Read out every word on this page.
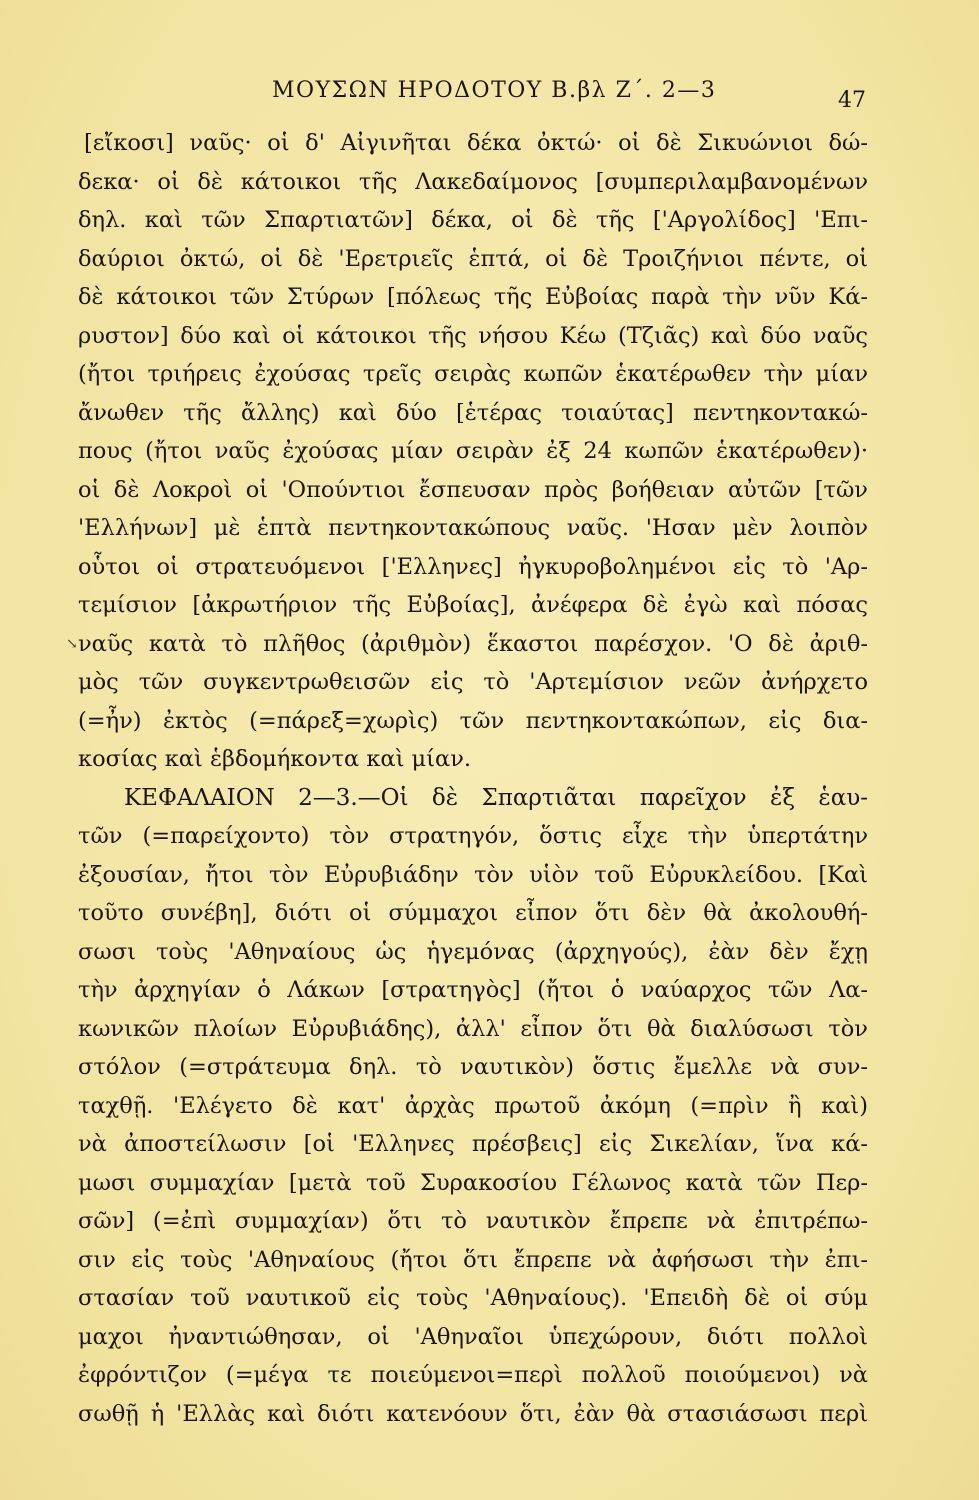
ΜΟΥΣΩΝ ΗΡΟΔΟΤΟΥ Β.βλ Ζ΄. 2—3	47
↘
[εἴκοσι] ναῦς· οἱ δ' Αἰγινῆται δέκα ὀκτώ· οἱ δὲ Σικυώνιοι δώ-
δεκα· οἱ δὲ κάτοικοι τῆς Λακεδαίμονος [συμπεριλαμβανομένων
δηλ. καὶ τῶν Σπαρτιατῶν] δέκα, οἱ δὲ τῆς ['Αργολίδος] 'Επι-
δαύριοι ὀκτώ, οἱ δὲ 'Ερετριεῖς ἑπτά, οἱ δὲ Τροιζήνιοι πέντε, οἱ
δὲ κάτοικοι τῶν Στύρων [πόλεως τῆς Εὐβοίας παρὰ τὴν νῦν Κά-
ρυστον] δύο καὶ οἱ κάτοικοι τῆς νήσου Κέω (Τζιᾶς) καὶ δύο ναῦς
(ἤτοι τριήρεις ἐχούσας τρεῖς σειρὰς κωπῶν ἑκατέρωθεν τὴν μίαν
ἄνωθεν τῆς ἄλλης) καὶ δύο [ἑτέρας τοιαύτας] πεντηκοντακώ-
πους (ἤτοι ναῦς ἐχούσας μίαν σειρὰν ἐξ 24 κωπῶν ἑκατέρωθεν)·
οἱ δὲ Λοκροὶ οἱ 'Οπούντιοι ἔσπευσαν πρὸς βοήθειαν αὐτῶν [τῶν
'Ελλήνων] μὲ ἑπτὰ πεντηκοντακώπους ναῦς. 'Ησαν μὲν λοιπὸν
οὗτοι οἱ στρατευόμενοι ['Ελληνες] ἠγκυροβολημένοι εἰς τὸ 'Αρ-
τεμίσιον [ἀκρωτήριον τῆς Εὐβοίας], ἀνέφερα δὲ ἐγὼ καὶ πόσας
ναῦς κατὰ τὸ πλῆθος (ἀριθμὸν) ἕκαστοι παρέσχον. 'Ο δὲ ἀριθ-
μὸς τῶν συγκεντρωθεισῶν εἰς τὸ 'Αρτεμίσιον νεῶν ἀνήρχετο
(=ἦν) ἐκτὸς (=πάρεξ=χωρὶς) τῶν πεντηκοντακώπων, εἰς δια-
κοσίας καὶ ἑβδομήκοντα καὶ μίαν.
ΚΕΦΑΛΑΙΟΝ 2—3.—Οἱ δὲ Σπαρτιᾶται παρεῖχον ἐξ ἑαυ-
τῶν (=παρείχοντο) τὸν στρατηγόν, ὅστις εἶχε τὴν ὑπερτάτην
ἐξουσίαν, ἤτοι τὸν Εὐρυβιάδην τὸν υἱὸν τοῦ Εὐρυκλείδου. [Καὶ
τοῦτο συνέβη], διότι οἱ σύμμαχοι εἶπον ὅτι δὲν θὰ ἀκολουθή-
σωσι τοὺς 'Αθηναίους ὡς ἡγεμόνας (ἀρχηγούς), ἐὰν δὲν ἔχῃ
τὴν ἀρχηγίαν ὁ Λάκων [στρατηγὸς] (ἤτοι ὁ ναύαρχος τῶν Λα-
κωνικῶν πλοίων Εὐρυβιάδης), ἀλλ' εἶπον ὅτι θὰ διαλύσωσι τὸν
στόλον (=στράτευμα δηλ. τὸ ναυτικὸν) ὅστις ἔμελλε νὰ συν-
ταχθῇ. 'Ελέγετο δὲ κατ' ἀρχὰς πρωτοῦ ἀκόμη (=πρὶν ἢ καὶ)
νὰ ἀποστείλωσιν [οἱ 'Ελληνες πρέσβεις] εἰς Σικελίαν, ἵνα κά-
μωσι συμμαχίαν [μετὰ τοῦ Συρακοσίου Γέλωνος κατὰ τῶν Περ-
σῶν] (=ἐπὶ συμμαχίαν) ὅτι τὸ ναυτικὸν ἔπρεπε νὰ ἐπιτρέπω-
σιν εἰς τοὺς 'Αθηναίους (ἤτοι ὅτι ἔπρεπε νὰ ἀφήσωσι τὴν ἐπι-
στασίαν τοῦ ναυτικοῦ εἰς τοὺς 'Αθηναίους). 'Επειδὴ δὲ οἱ σύμ
μαχοι ἠναντιώθησαν, οἱ 'Αθηναῖοι ὑπεχώρουν, διότι πολλοὶ
ἐφρόντιζον (=μέγα τε ποιεύμενοι=περὶ πολλοῦ ποιούμενοι) νὰ
σωθῇ ἡ 'Ελλὰς καὶ διότι κατενόουν ὅτι, ἐὰν θὰ στασιάσωσι περὶ
